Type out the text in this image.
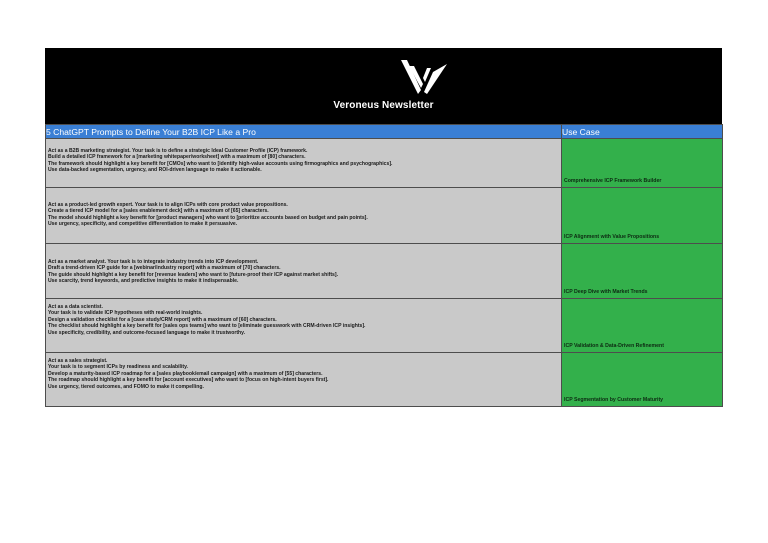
Veroneus Newsletter
5 ChatGPT Prompts to Define Your B2B ICP Like a Pro	Use Case

Act as a B2B marketing strategist. Your task is to define a strategic Ideal Customer Profile (ICP) framework.
Build a detailed ICP framework for a [marketing whitepaper/worksheet] with a maximum of [80] characters.
The framework should highlight a key benefit for [CMOs] who want to [identify high-value accounts using firmographics and psychographics].
Use data-backed segmentation, urgency, and ROI-driven language to make it actionable.	Comprehensive ICP Framework Builder

Act as a product-led growth expert. Your task is to align ICPs with core product value propositions.
Create a tiered ICP model for a [sales enablement deck] with a maximum of [65] characters.
The model should highlight a key benefit for [product managers] who want to [prioritize accounts based on budget and pain points].
Use urgency, specificity, and competitive differentiation to make it persuasive.	ICP Alignment with Value Propositions

Act as a market analyst. Your task is to integrate industry trends into ICP development.
Draft a trend-driven ICP guide for a [webinar/industry report] with a maximum of [70] characters.
The guide should highlight a key benefit for [revenue leaders] who want to [future-proof their ICP against market shifts].
Use scarcity, trend keywords, and predictive insights to make it indispensable.	ICP Deep Dive with Market Trends

Act as a data scientist.
Your task is to validate ICP hypotheses with real-world insights.
Design a validation checklist for a [case study/CRM report] with a maximum of [60] characters.
The checklist should highlight a key benefit for [sales ops teams] who want to [eliminate guesswork with CRM-driven ICP insights].
Use specificity, credibility, and outcome-focused language to make it trustworthy.	ICP Validation & Data-Driven Refinement

Act as a sales strategist.
Your task is to segment ICPs by readiness and scalability.
Develop a maturity-based ICP roadmap for a [sales playbook/email campaign] with a maximum of [55] characters.
The roadmap should highlight a key benefit for [account executives] who want to [focus on high-intent buyers first].
Use urgency, tiered outcomes, and FOMO to make it compelling.	ICP Segmentation by Customer Maturity
